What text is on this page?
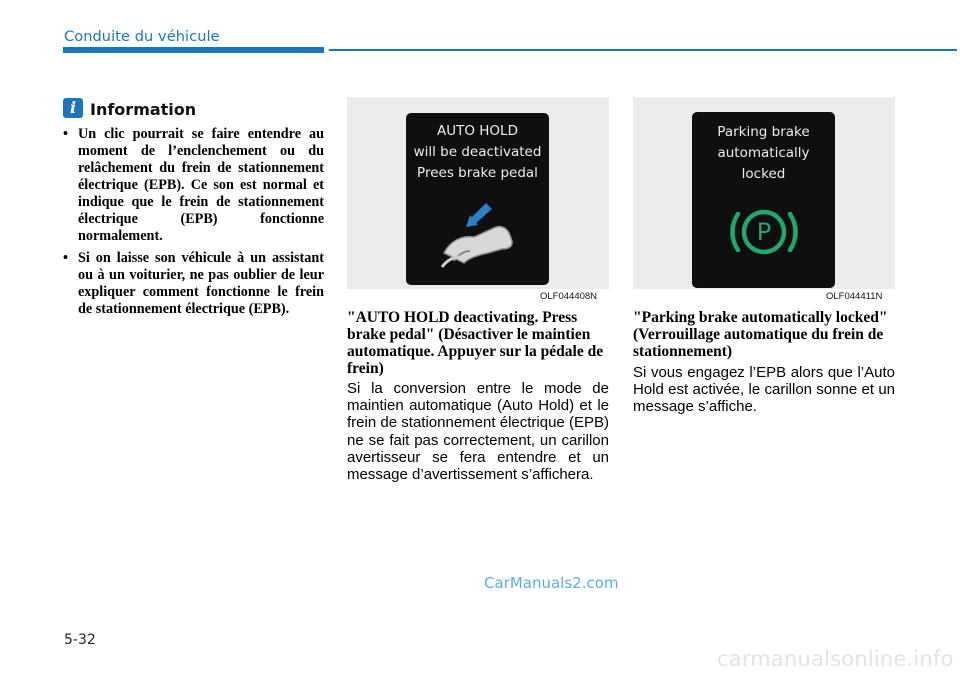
Conduite du véhicule
i Information
• Un clic pourrait se faire entendre au moment de l’enclenchement ou du relâchement du frein de stationnement électrique (EPB). Ce son est normal et indique que le frein de stationnement électrique (EPB) fonctionne normalement.
• Si on laisse son véhicule à un assistant ou à un voiturier, ne pas oublier de leur expliquer comment fonctionne le frein de stationnement électrique (EPB).
AUTO HOLD
will be deactivated
Prees brake pedal
OLF044408N
Parking brake
automatically
locked
P
OLF044411N
"AUTO HOLD deactivating. Press brake pedal" (Désactiver le maintien automatique. Appuyer sur la pédale de frein)
"Parking brake automatically locked" (Verrouillage automatique du frein de stationnement)
Si la conversion entre le mode de maintien automatique (Auto Hold) et le frein de stationnement électrique (EPB) ne se fait pas correctement, un carillon avertisseur se fera entendre et un message d’avertissement s’affichera.
Si vous engagez l’EPB alors que l’Auto Hold est activée, le carillon sonne et un message s’affiche.
CarManuals2.com
5-32
carmanualsonline.info
